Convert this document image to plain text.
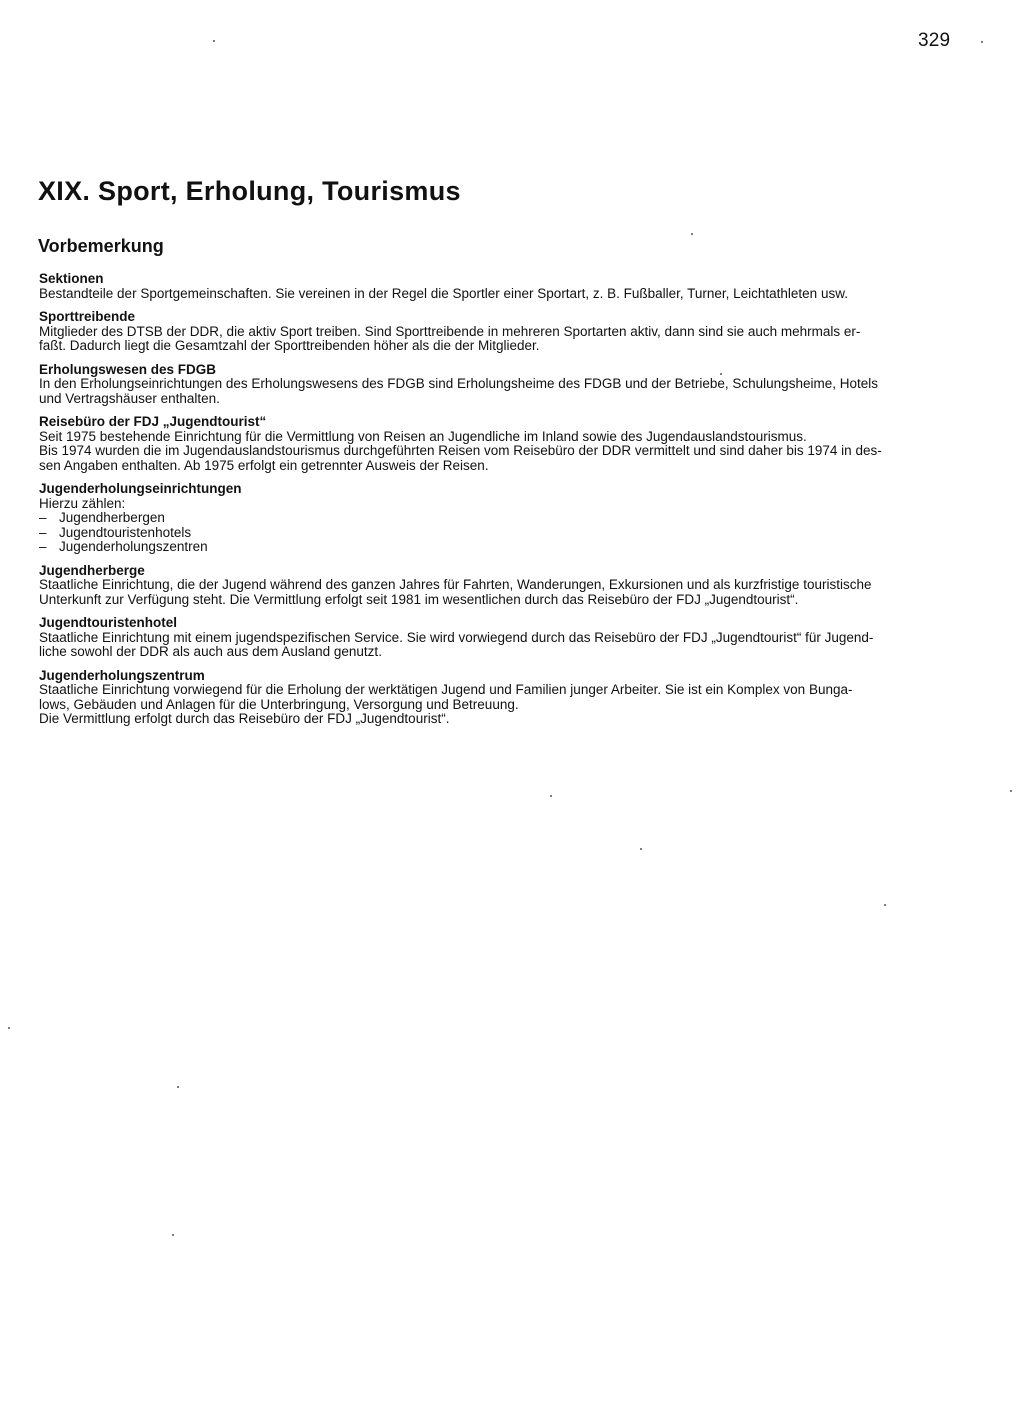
329
XIX. Sport, Erholung, Tourismus
Vorbemerkung
Sektionen
Bestandteile der Sportgemeinschaften. Sie vereinen in der Regel die Sportler einer Sportart, z. B. Fußballer, Turner, Leichtathleten usw.
Sporttreibende
Mitglieder des DTSB der DDR, die aktiv Sport treiben. Sind Sporttreibende in mehreren Sportarten aktiv, dann sind sie auch mehrmals er-
faßt. Dadurch liegt die Gesamtzahl der Sporttreibenden höher als die der Mitglieder.
Erholungswesen des FDGB
In den Erholungseinrichtungen des Erholungswesens des FDGB sind Erholungsheime des FDGB und der Betriebe, Schulungsheime, Hotels
und Vertragshäuser enthalten.
Reisebüro der FDJ „Jugendtourist“
Seit 1975 bestehende Einrichtung für die Vermittlung von Reisen an Jugendliche im Inland sowie des Jugendauslandstourismus.
Bis 1974 wurden die im Jugendauslandstourismus durchgeführten Reisen vom Reisebüro der DDR vermittelt und sind daher bis 1974 in des-
sen Angaben enthalten. Ab 1975 erfolgt ein getrennter Ausweis der Reisen.
Jugenderholungseinrichtungen
Hierzu zählen:
– Jugendherbergen
– Jugendtouristenhotels
– Jugenderholungszentren
Jugendherberge
Staatliche Einrichtung, die der Jugend während des ganzen Jahres für Fahrten, Wanderungen, Exkursionen und als kurzfristige touristische
Unterkunft zur Verfügung steht. Die Vermittlung erfolgt seit 1981 im wesentlichen durch das Reisebüro der FDJ „Jugendtourist“.
Jugendtouristenhotel
Staatliche Einrichtung mit einem jugendspezifischen Service. Sie wird vorwiegend durch das Reisebüro der FDJ „Jugendtourist“ für Jugend-
liche sowohl der DDR als auch aus dem Ausland genutzt.
Jugenderholungszentrum
Staatliche Einrichtung vorwiegend für die Erholung der werktätigen Jugend und Familien junger Arbeiter. Sie ist ein Komplex von Bunga-
lows, Gebäuden und Anlagen für die Unterbringung, Versorgung und Betreuung.
Die Vermittlung erfolgt durch das Reisebüro der FDJ „Jugendtourist“.
